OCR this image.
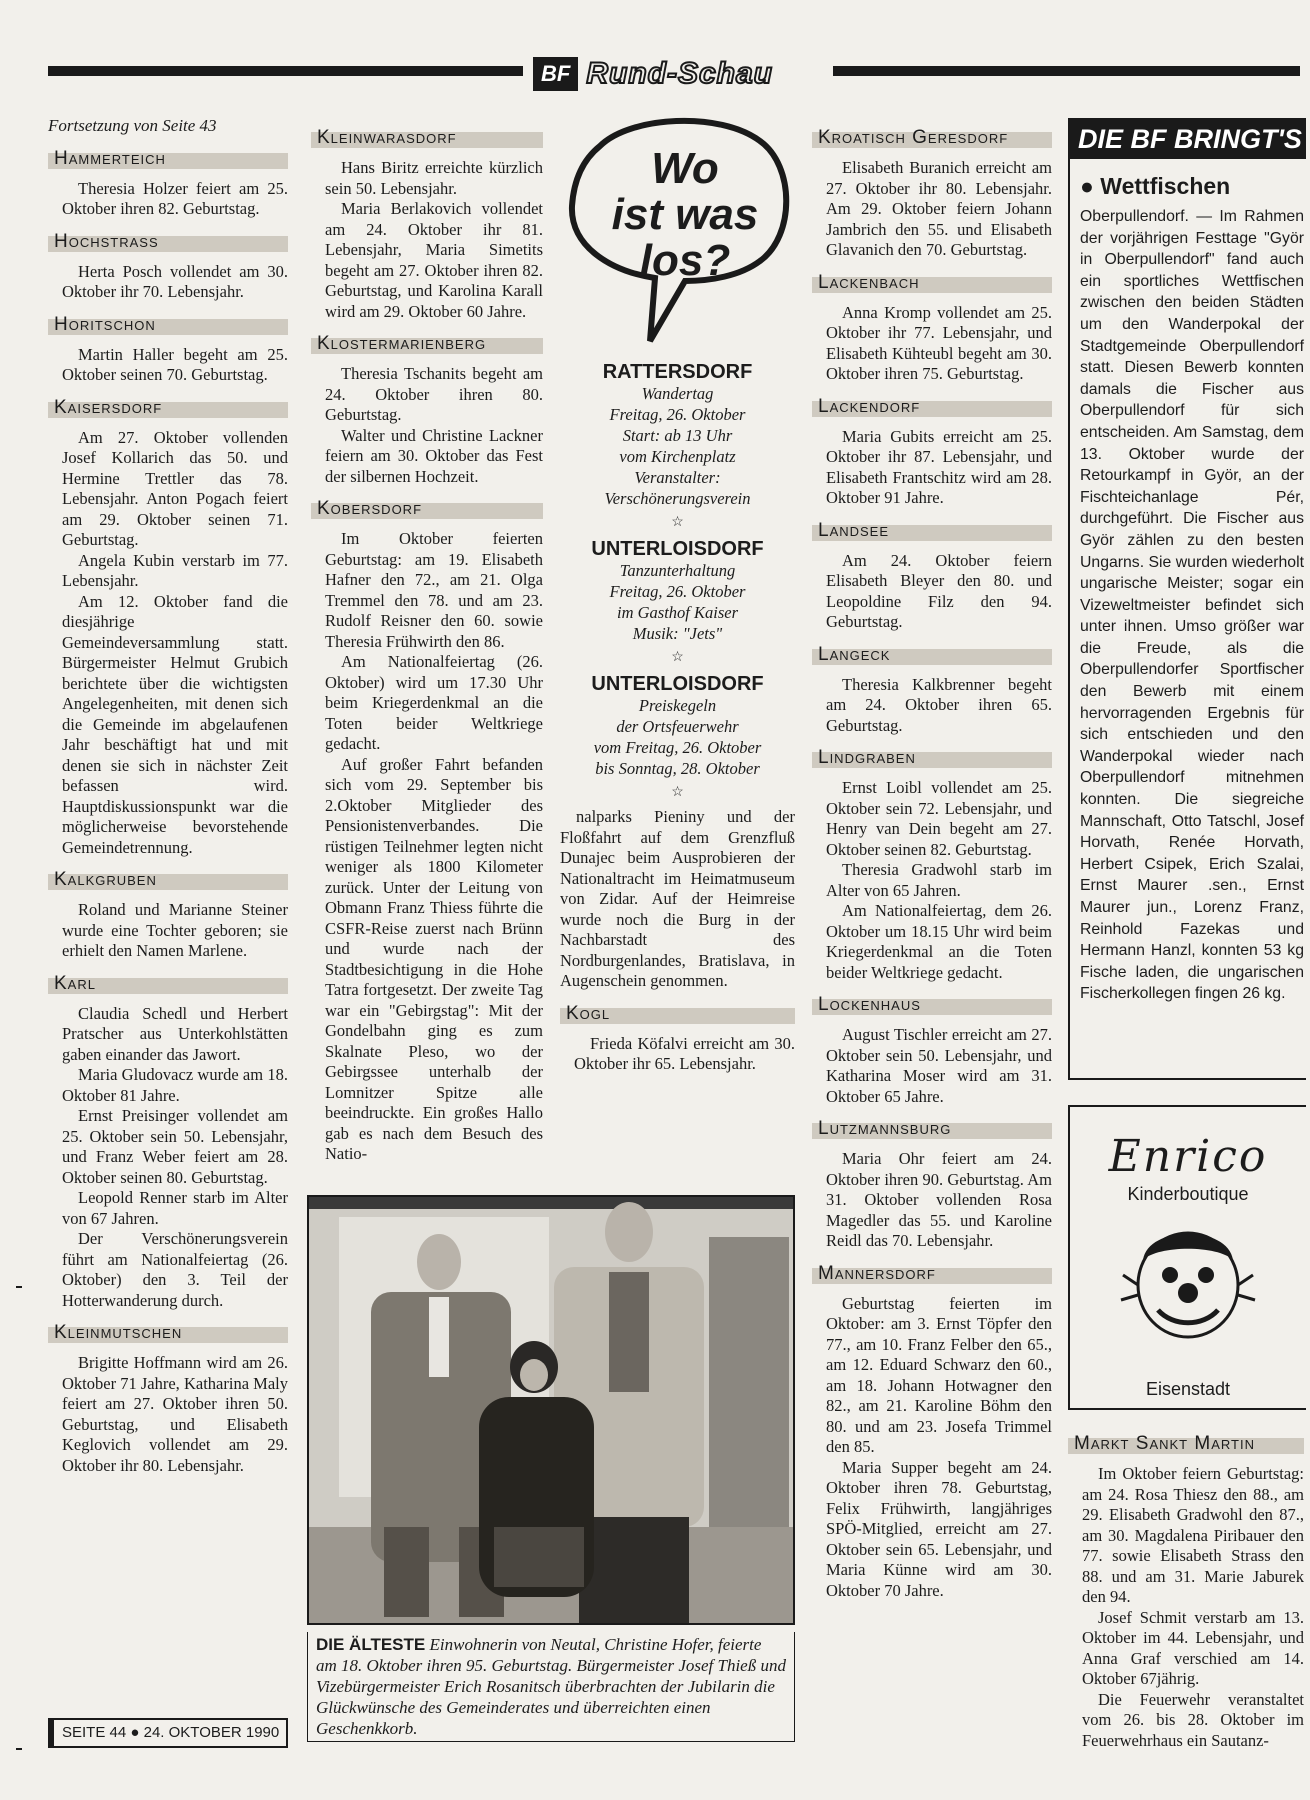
BF Rund-Schau
Fortsetzung von Seite 43
Hammerteich
Theresia Holzer feiert am 25. Oktober ihren 82. Geburtstag.
Hochstrass
Herta Posch vollendet am 30. Oktober ihr 70. Lebensjahr.
Horitschon
Martin Haller begeht am 25. Oktober seinen 70. Geburtstag.
Kaisersdorf
Am 27. Oktober vollenden Josef Kollarich das 50. und Hermine Trettler das 78. Lebensjahr. Anton Pogach feiert am 29. Oktober seinen 71. Geburtstag.
Angela Kubin verstarb im 77. Lebensjahr.
Am 12. Oktober fand die diesjährige Gemeindeversammlung statt. Bürgermeister Helmut Grubich berichtete über die wichtigsten Angelegenheiten, mit denen sich die Gemeinde im abgelaufenen Jahr beschäftigt hat und mit denen sie sich in nächster Zeit befassen wird. Hauptdiskussionspunkt war die möglicherweise bevorstehende Gemeindetrennung.
Kalkgruben
Roland und Marianne Steiner wurde eine Tochter geboren; sie erhielt den Namen Marlene.
Karl
Claudia Schedl und Herbert Pratscher aus Unterkohlstätten gaben einander das Jawort.
Maria Gludovacz wurde am 18. Oktober 81 Jahre.
Ernst Preisinger vollendet am 25. Oktober sein 50. Lebensjahr, und Franz Weber feiert am 28. Oktober seinen 80. Geburtstag.
Leopold Renner starb im Alter von 67 Jahren.
Der Verschönerungsverein führt am Nationalfeiertag (26. Oktober) den 3. Teil der Hotterwanderung durch.
Kleinmutschen
Brigitte Hoffmann wird am 26. Oktober 71 Jahre, Katharina Maly feiert am 27. Oktober ihren 50. Geburtstag, und Elisabeth Keglovich vollendet am 29. Oktober ihr 80. Lebensjahr.
Kleinwarasdorf
Hans Biritz erreichte kürzlich sein 50. Lebensjahr.
Maria Berlakovich vollendet am 24. Oktober ihr 81. Lebensjahr, Maria Simetits begeht am 27. Oktober ihren 82. Geburtstag, und Karolina Karall wird am 29. Oktober 60 Jahre.
Klostermarienberg
Theresia Tschanits begeht am 24. Oktober ihren 80. Geburtstag.
Walter und Christine Lackner feiern am 30. Oktober das Fest der silbernen Hochzeit.
Kobersdorf
Im Oktober feierten Geburtstag: am 19. Elisabeth Hafner den 72., am 21. Olga Tremmel den 78. und am 23. Rudolf Reisner den 60. sowie Theresia Frühwirth den 86.
Am Nationalfeiertag (26. Oktober) wird um 17.30 Uhr beim Kriegerdenkmal an die Toten beider Weltkriege gedacht.
Auf großer Fahrt befanden sich vom 29. September bis 2.Oktober Mitglieder des Pensionistenverbandes. Die rüstigen Teilnehmer legten nicht weniger als 1800 Kilometer zurück. Unter der Leitung von Obmann Franz Thiess führte die CSFR-Reise zuerst nach Brünn und wurde nach der Stadtbesichtigung in die Hohe Tatra fortgesetzt. Der zweite Tag war ein "Gebirgstag": Mit der Gondelbahn ging es zum Skalnate Pleso, wo der Gebirgssee unterhalb der Lomnitzer Spitze alle beeindruckte. Ein großes Hallo gab es nach dem Besuch des Natio-
Wo
ist was
los?
RATTERSDORF
Wandertag
Freitag, 26. Oktober
Start: ab 13 Uhr
vom Kirchenplatz
Veranstalter:
Verschönerungsverein
☆
UNTERLOISDORF
Tanzunterhaltung
Freitag, 26. Oktober
im Gasthof Kaiser
Musik: "Jets"
☆
UNTERLOISDORF
Preiskegeln
der Ortsfeuerwehr
vom Freitag, 26. Oktober
bis Sonntag, 28. Oktober
☆
nalparks Pieniny und der Floßfahrt auf dem Grenzfluß Dunajec beim Ausprobieren der Nationaltracht im Heimatmuseum von Zidar. Auf der Heimreise wurde noch die Burg in der Nachbarstadt des Nordburgenlandes, Bratislava, in Augenschein genommen.
Kogl
Frieda Köfalvi erreicht am 30. Oktober ihr 65. Lebensjahr.
Kroatisch Geresdorf
Elisabeth Buranich erreicht am 27. Oktober ihr 80. Lebensjahr. Am 29. Oktober feiern Johann Jambrich den 55. und Elisabeth Glavanich den 70. Geburtstag.
Lackenbach
Anna Kromp vollendet am 25. Oktober ihr 77. Lebensjahr, und Elisabeth Kühteubl begeht am 30. Oktober ihren 75. Geburtstag.
Lackendorf
Maria Gubits erreicht am 25. Oktober ihr 87. Lebensjahr, und Elisabeth Frantschitz wird am 28. Oktober 91 Jahre.
Landsee
Am 24. Oktober feiern Elisabeth Bleyer den 80. und Leopoldine Filz den 94. Geburtstag.
Langeck
Theresia Kalkbrenner begeht am 24. Oktober ihren 65. Geburtstag.
Lindgraben
Ernst Loibl vollendet am 25. Oktober sein 72. Lebensjahr, und Henry van Dein begeht am 27. Oktober seinen 82. Geburtstag.
Theresia Gradwohl starb im Alter von 65 Jahren.
Am Nationalfeiertag, dem 26. Oktober um 18.15 Uhr wird beim Kriegerdenkmal an die Toten beider Weltkriege gedacht.
Lockenhaus
August Tischler erreicht am 27. Oktober sein 50. Lebensjahr, und Katharina Moser wird am 31. Oktober 65 Jahre.
Lutzmannsburg
Maria Ohr feiert am 24. Oktober ihren 90. Geburtstag. Am 31. Oktober vollenden Rosa Magedler das 55. und Karoline Reidl das 70. Lebensjahr.
Mannersdorf
Geburtstag feierten im Oktober: am 3. Ernst Töpfer den 77., am 10. Franz Felber den 65., am 12. Eduard Schwarz den 60., am 18. Johann Hotwagner den 82., am 21. Karoline Böhm den 80. und am 23. Josefa Trimmel den 85.
Maria Supper begeht am 24. Oktober ihren 78. Geburtstag, Felix Frühwirth, langjähriges SPÖ-Mitglied, erreicht am 27. Oktober sein 65. Lebensjahr, und Maria Künne wird am 30. Oktober 70 Jahre.
DIE ÄLTESTE Einwohnerin von Neutal, Christine Hofer, feierte am 18. Oktober ihren 95. Geburtstag. Bürgermeister Josef Thieß und Vizebürgermeister Erich Rosanitsch überbrachten der Jubilarin die Glückwünsche des Gemeinderates und überreichten einen Geschenkkorb.
DIE BF BRINGT'S
● Wettfischen
Oberpullendorf. — Im Rahmen der vorjährigen Festtage "Györ in Oberpullendorf" fand auch ein sportliches Wettfischen zwischen den beiden Städten um den Wanderpokal der Stadtgemeinde Oberpullendorf statt. Diesen Bewerb konnten damals die Fischer aus Oberpullendorf für sich entscheiden. Am Samstag, dem 13. Oktober wurde der Retourkampf in Györ, an der Fischteichanlage Pér, durchgeführt. Die Fischer aus Györ zählen zu den besten Ungarns. Sie wurden wiederholt ungarische Meister; sogar ein Vizeweltmeister befindet sich unter ihnen. Umso größer war die Freude, als die Oberpullendorfer Sportfischer den Bewerb mit einem hervorragenden Ergebnis für sich entschieden und den Wanderpokal wieder nach Oberpullendorf mitnehmen konnten. Die siegreiche Mannschaft, Otto Tatschl, Josef Horvath, Renée Horvath, Herbert Csipek, Erich Szalai, Ernst Maurer .sen., Ernst Maurer jun., Lorenz Franz, Reinhold Fazekas und Hermann Hanzl, konnten 53 kg Fische laden, die ungarischen Fischerkollegen fingen 26 kg.
Enrico
Kinderboutique
Eisenstadt
Markt Sankt Martin
Im Oktober feiern Geburtstag: am 24. Rosa Thiesz den 88., am 29. Elisabeth Gradwohl den 87., am 30. Magdalena Piribauer den 77. sowie Elisabeth Strass den 88. und am 31. Marie Jaburek den 94.
Josef Schmit verstarb am 13. Oktober im 44. Lebensjahr, und Anna Graf verschied am 14. Oktober 67jährig.
Die Feuerwehr veranstaltet vom 26. bis 28. Oktober im Feuerwehrhaus ein Sautanz-
SEITE 44 ● 24. OKTOBER 1990
